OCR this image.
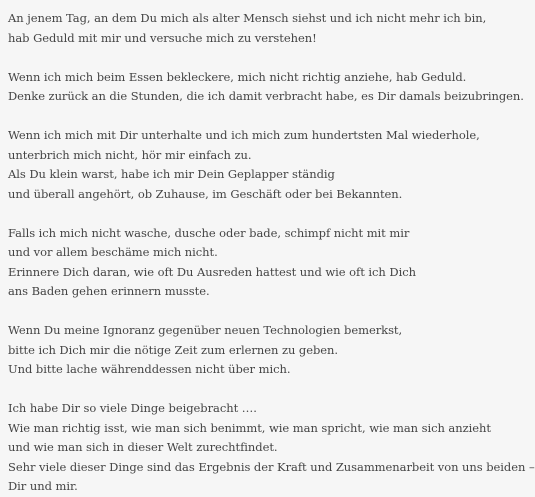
An jenem Tag, an dem Du mich als alter Mensch siehst und ich nicht mehr ich bin,
hab Geduld mit mir und versuche mich zu verstehen!
Wenn ich mich beim Essen bekleckere, mich nicht richtig anziehe, hab Geduld.
Denke zurück an die Stunden, die ich damit verbracht habe, es Dir damals beizubringen.
Wenn ich mich mit Dir unterhalte und ich mich zum hundertsten Mal wiederhole,
unterbrich mich nicht, hör mir einfach zu.
Als Du klein warst, habe ich mir Dein Geplapper ständig
und überall angehört, ob Zuhause, im Geschäft oder bei Bekannten.
Falls ich mich nicht wasche, dusche oder bade, schimpf nicht mit mir
und vor allem beschäme mich nicht.
Erinnere Dich daran, wie oft Du Ausreden hattest und wie oft ich Dich
ans Baden gehen erinnern musste.
Wenn Du meine Ignoranz gegenüber neuen Technologien bemerkst,
bitte ich Dich mir die nötige Zeit zum erlernen zu geben.
Und bitte lache währenddessen nicht über mich.
Ich habe Dir so viele Dinge beigebracht ….
Wie man richtig isst, wie man sich benimmt, wie man spricht, wie man sich anzieht
und wie man sich in dieser Welt zurechtfindet.
Sehr viele dieser Dinge sind das Ergebnis der Kraft und Zusammenarbeit von uns beiden –
Dir und mir.
